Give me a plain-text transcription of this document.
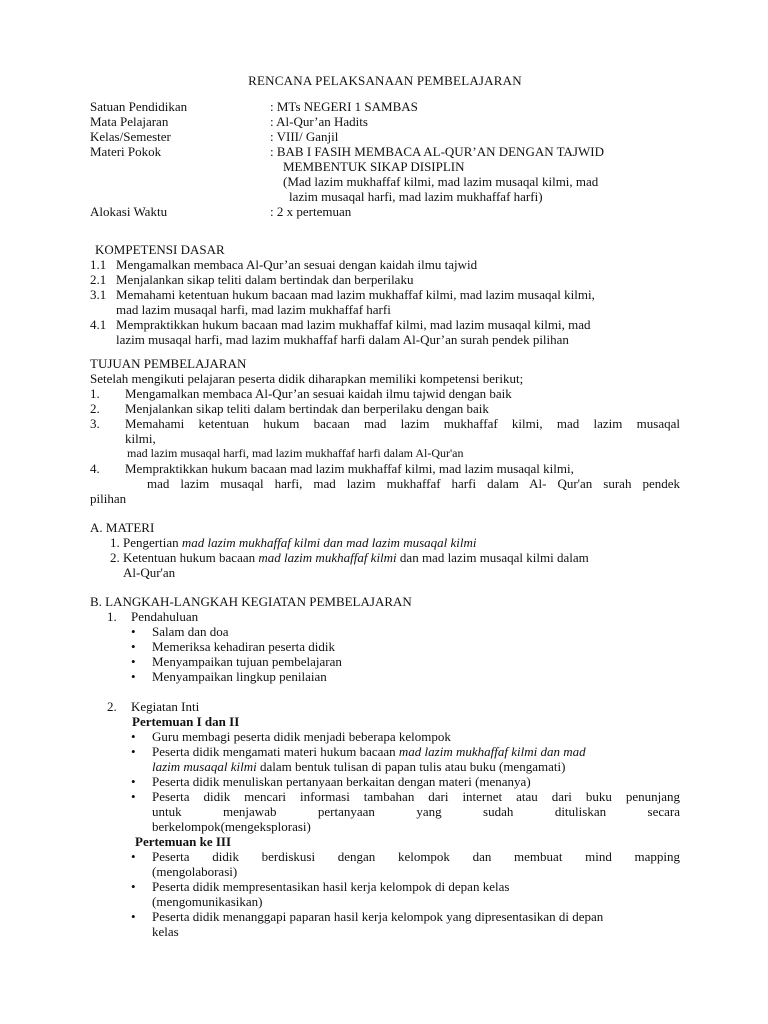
RENCANA PELAKSANAAN PEMBELAJARAN
Satuan Pendidikan	: MTs NEGERI 1 SAMBAS
Mata Pelajaran	: Al-Qur’an Hadits
Kelas/Semester	: VIII/ Ganjil
Materi Pokok	: BAB I FASIH MEMBACA AL-QUR’AN DENGAN TAJWID
MEMBENTUK SIKAP DISIPLIN
(Mad lazim mukhaffaf kilmi, mad lazim musaqal kilmi, mad
lazim musaqal harfi, mad lazim mukhaffaf harfi)
Alokasi Waktu	: 2 x pertemuan
KOMPETENSI DASAR
1.1 Mengamalkan membaca Al-Qur’an sesuai dengan kaidah ilmu tajwid
2.1 Menjalankan sikap teliti dalam bertindak dan berperilaku
3.1 Memahami ketentuan hukum bacaan mad lazim mukhaffaf kilmi, mad lazim musaqal kilmi,
mad lazim musaqal harfi, mad lazim mukhaffaf harfi
4.1 Mempraktikkan hukum bacaan mad lazim mukhaffaf kilmi, mad lazim musaqal kilmi, mad
lazim musaqal harfi, mad lazim mukhaffaf harfi dalam Al-Qur’an surah pendek pilihan
TUJUAN PEMBELAJARAN
Setelah mengikuti pelajaran peserta didik diharapkan memiliki kompetensi berikut;
1.	Mengamalkan membaca Al-Qur’an sesuai kaidah ilmu tajwid dengan baik
2.	Menjalankan sikap teliti dalam bertindak dan berperilaku dengan baik
3.	Memahami ketentuan hukum bacaan mad lazim mukhaffaf kilmi, mad lazim musaqal
kilmi,
mad lazim musaqal harfi, mad lazim mukhaffaf harfi dalam Al-Qur'an
4.	Mempraktikkan hukum bacaan mad lazim mukhaffaf kilmi, mad lazim musaqal kilmi,
mad lazim musaqal harfi, mad lazim mukhaffaf harfi dalam Al- Qur'an surah pendek
pilihan
A. MATERI
1. Pengertian mad lazim mukhaffaf kilmi dan mad lazim musaqal kilmi
2. Ketentuan hukum bacaan mad lazim mukhaffaf kilmi dan mad lazim musaqal kilmi dalam
Al-Qur'an
B. LANGKAH-LANGKAH KEGIATAN PEMBELAJARAN
1.	Pendahuluan
•	Salam dan doa
•	Memeriksa kehadiran peserta didik
•	Menyampaikan tujuan pembelajaran
•	Menyampaikan lingkup penilaian
2.	Kegiatan Inti
Pertemuan I dan II
•	Guru membagi peserta didik menjadi beberapa kelompok
•	Peserta didik mengamati materi hukum bacaan mad lazim mukhaffaf kilmi dan mad
lazim musaqal kilmi dalam bentuk tulisan di papan tulis atau buku (mengamati)
•	Peserta didik menuliskan pertanyaan berkaitan dengan materi (menanya)
•	Peserta didik mencari informasi tambahan dari internet atau dari buku penunjang
untuk menjawab pertanyaan yang sudah dituliskan secara
berkelompok(mengeksplorasi)
Pertemuan ke III
•	Peserta didik berdiskusi dengan kelompok dan membuat mind mapping
(mengolaborasi)
•	Peserta didik mempresentasikan hasil kerja kelompok di depan kelas
(mengomunikasikan)
•	Peserta didik menanggapi paparan hasil kerja kelompok yang dipresentasikan di depan
kelas
